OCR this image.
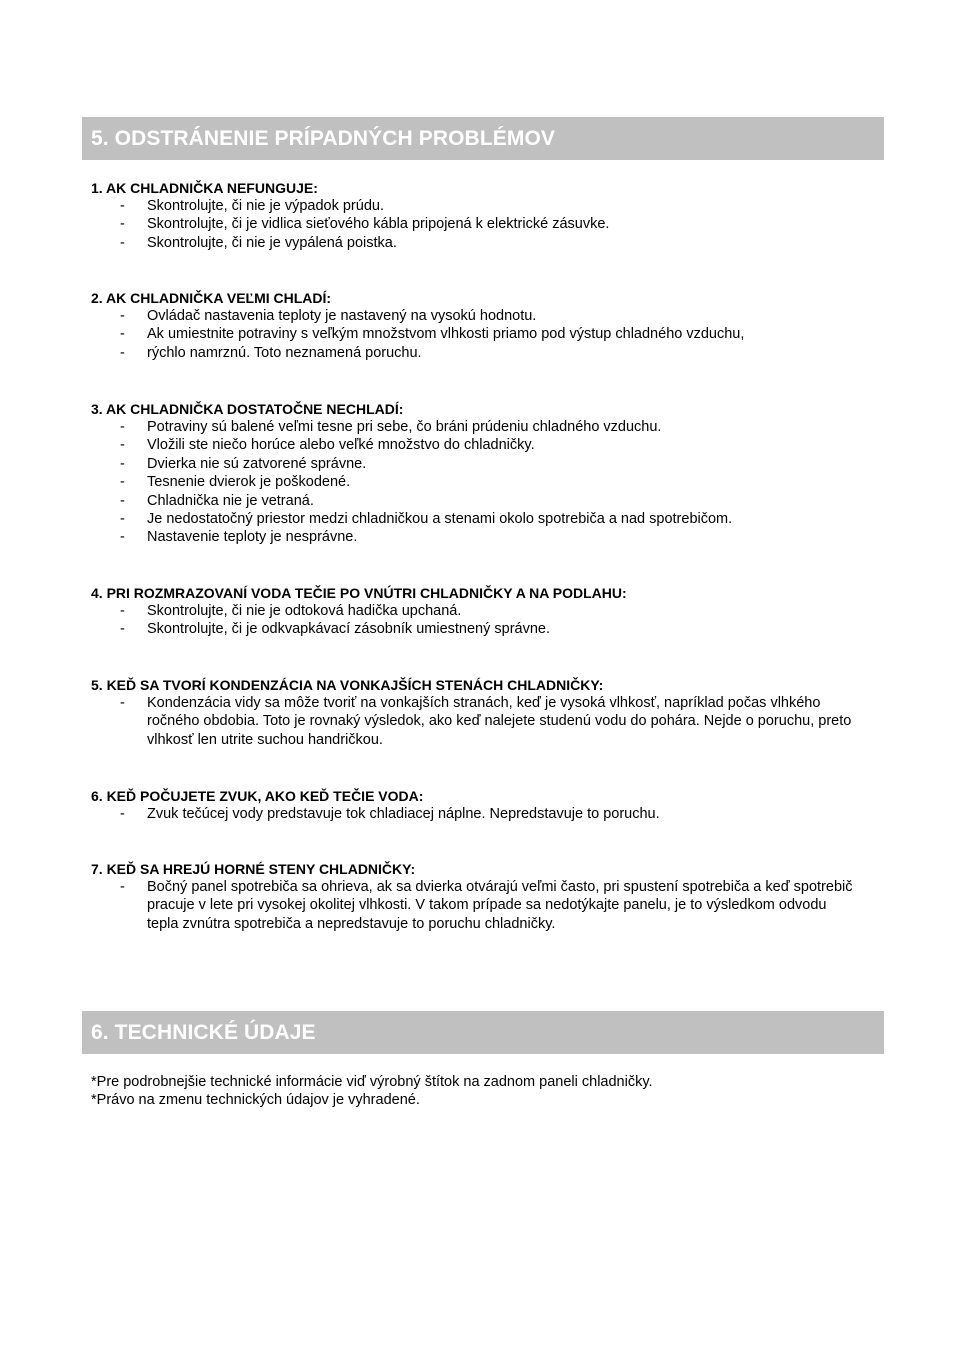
5. ODSTRÁNENIE PRÍPADNÝCH PROBLÉMOV
1. AK CHLADNIČKA NEFUNGUJE:
- Skontrolujte, či nie je výpadok prúdu.
- Skontrolujte, či je vidlica sieťového kábla pripojená k elektrické zásuvke.
- Skontrolujte, či nie je vypálená poistka.
2. AK CHLADNIČKA VEĽMI CHLADÍ:
- Ovládač nastavenia teploty je nastavený na vysokú hodnotu.
- Ak umiestnite potraviny s veľkým množstvom vlhkosti priamo pod výstup chladného vzduchu,
- rýchlo namrznú. Toto neznamená poruchu.
3. AK CHLADNIČKA DOSTATOČNE NECHLADÍ:
- Potraviny sú balené veľmi tesne pri sebe, čo bráni prúdeniu chladného vzduchu.
- Vložili ste niečo horúce alebo veľké množstvo do chladničky.
- Dvierka nie sú zatvorené správne.
- Tesnenie dvierok je poškodené.
- Chladnička nie je vetraná.
- Je nedostatočný priestor medzi chladničkou a stenami okolo spotrebiča a nad spotrebičom.
- Nastavenie teploty je nesprávne.
4. PRI ROZMRAZOVANÍ VODA TEČIE PO VNÚTRI CHLADNIČKY A NA PODLAHU:
- Skontrolujte, či nie je odtoková hadička upchaná.
- Skontrolujte, či je odkvapkávací zásobník umiestnený správne.
5. KEĎ SA TVORÍ KONDENZÁCIA NA VONKAJŠÍCH STENÁCH CHLADNIČKY:
- Kondenzácia vidy sa môže tvoriť na vonkajších stranách, keď je vysoká vlhkosť, napríklad počas vlhkého ročného obdobia. Toto je rovnaký výsledok, ako keď nalejete studenú vodu do pohára. Nejde o poruchu, preto vlhkosť len utrite suchou handričkou.
6. KEĎ POČUJETE ZVUK, AKO KEĎ TEČIE VODA:
- Zvuk tečúcej vody predstavuje tok chladiacej náplne. Nepredstavuje to poruchu.
7. KEĎ SA HREJÚ HORNÉ STENY CHLADNIČKY:
- Bočný panel spotrebiča sa ohrieva, ak sa dvierka otvárajú veľmi často, pri spustení spotrebiča a keď spotrebič pracuje v lete pri vysokej okolitej vlhkosti. V takom prípade sa nedotýkajte panelu, je to výsledkom odvodu tepla zvnútra spotrebiča a nepredstavuje to poruchu chladničky.
6. TECHNICKÉ ÚDAJE
*Pre podrobnejšie technické informácie viď výrobný štítok na zadnom paneli chladničky.
*Právo na zmenu technických údajov je vyhradené.
